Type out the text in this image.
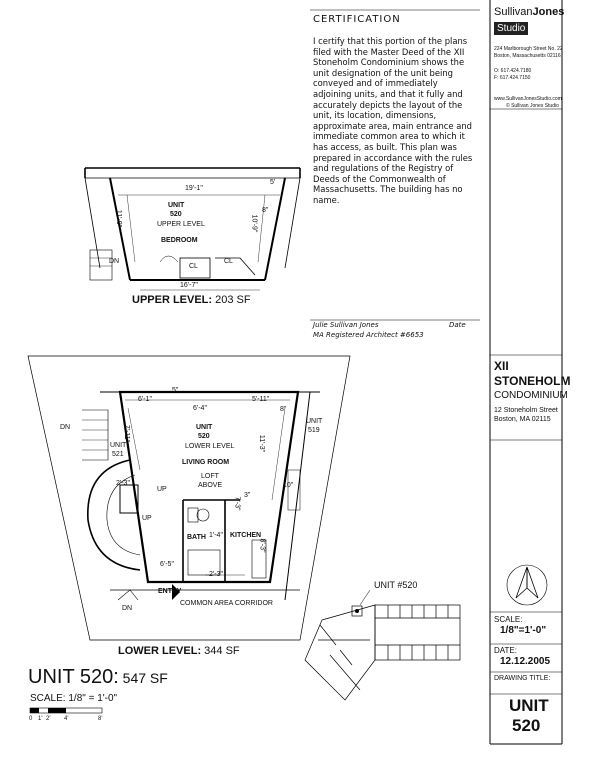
CERTIFICATION
I certify that this portion of the plans filed with the Master Deed of the XII Stoneholm Condominium shows the unit designation of the unit being conveyed and of immediately adjoining units, and that it fully and accurately depicts the layout of the unit, its location, dimensions, approximate area, main entrance and immediate common area to which it has access, as built. This plan was prepared in accordance with the rules and regulations of the Registry of Deeds of the Commonwealth of Massachusetts. The building has no name.
Julie Sullivan Jones	Date
MA Registered Architect #6653
SullivanJones
Studio
224 Marlborough Street No. 22
Boston, Massachusetts 02116
O: 617.424.7180
F: 617.424.7150
www.SullivanJonesStudio.com
© Sullivan Jones Studio
XII
STONEHOLM
CONDOMINIUM
12 Stoneholm Street
Boston, MA 02115
SCALE:
1/8"=1'-0"
DATE:
12.12.2005
DRAWING TITLE:
UNIT
520
UNIT
520
UPPER LEVEL
BEDROOM
19'-1"
16'-7"
11'-0"	10'-9"
5'
8"
CL
CL
DN
UPPER LEVEL: 203 SF
UNIT
520
LOWER LEVEL
LIVING ROOM
LOFT
ABOVE
BATH	KITCHEN
ENTRY
COMMON AREA CORRIDOR
UNIT
521
UNIT
519
UP
UP
DN
DN
6'-1"
6'-4"
5'-11"
7'-11"
11'-3"
8"
5"
2'-3"
2'-3"
1'-4"
6'-5"
10"
3"
7'-3"
8'-3"
LOWER LEVEL: 344 SF
UNIT #520
UNIT 520: 547 SF
SCALE: 1/8" = 1'-0"
0 1' 2' 4'	8'
